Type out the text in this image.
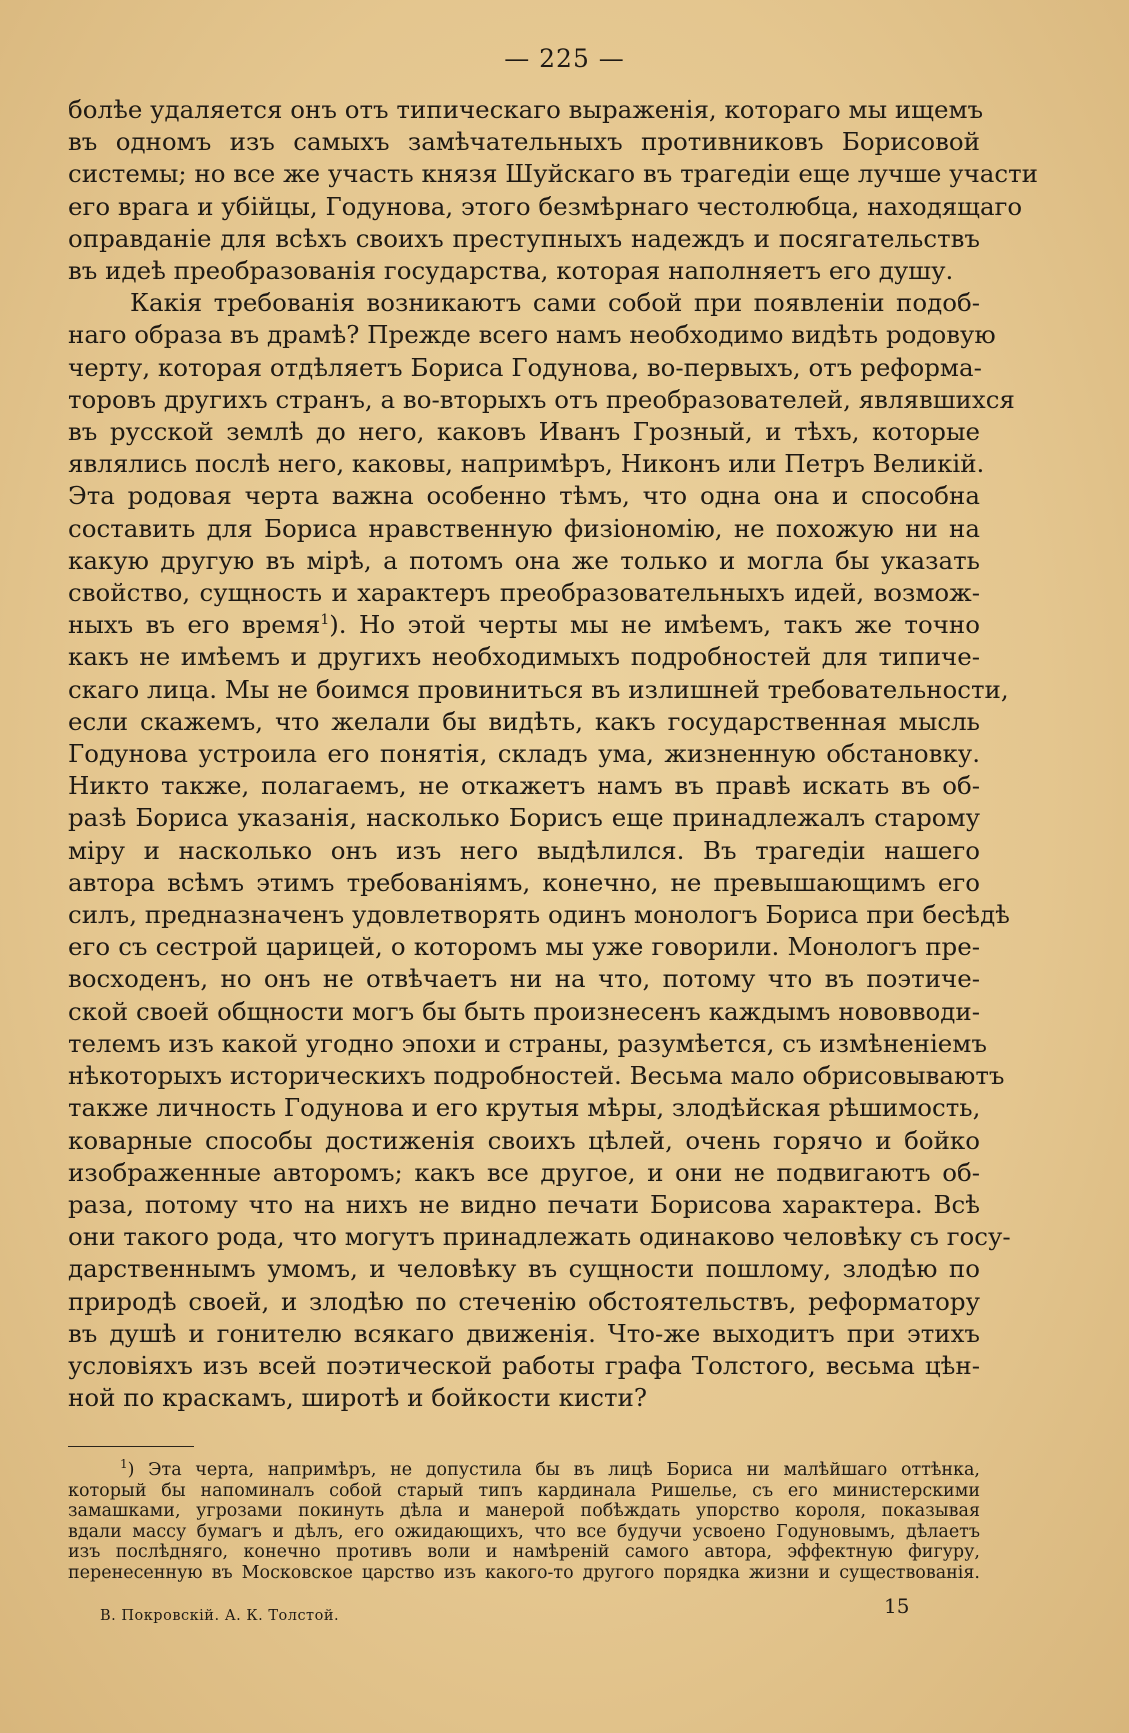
— 225 —
болѣе удаляется онъ отъ типическаго выраженія, котораго мы ищемъ
въ одномъ изъ самыхъ замѣчательныхъ противниковъ Борисовой
системы; но все же участь князя Шуйскаго въ трагедіи еще лучше участи
его врага и убійцы, Годунова, этого безмѣрнаго честолюбца, находящаго
оправданіе для всѣхъ своихъ преступныхъ надеждъ и посягательствъ
въ идеѣ преобразованія государства, которая наполняетъ его душу.
Какія требованія возникаютъ сами собой при появленіи подоб-
наго образа въ драмѣ? Прежде всего намъ необходимо видѣть родовую
черту, которая отдѣляетъ Бориса Годунова, во-первыхъ, отъ реформа-
торовъ другихъ странъ, а во-вторыхъ отъ преобразователей, являвшихся
въ русской землѣ до него, каковъ Иванъ Грозный, и тѣхъ, которые
являлись послѣ него, каковы, напримѣръ, Никонъ или Петръ Великій.
Эта родовая черта важна особенно тѣмъ, что одна она и способна
составить для Бориса нравственную физіономію, не похожую ни на
какую другую въ мірѣ, а потомъ она же только и могла бы указать
свойство, сущность и характеръ преобразовательныхъ идей, возмож-
ныхъ въ его время$^1$). Но этой черты мы не имѣемъ, такъ же точно
какъ не имѣемъ и другихъ необходимыхъ подробностей для типиче-
скаго лица. Мы не боимся провиниться въ излишней требовательности,
если скажемъ, что желали бы видѣть, какъ государственная мысль
Годунова устроила его понятія, складъ ума, жизненную обстановку.
Никто также, полагаемъ, не откажетъ намъ въ правѣ искать въ об-
разѣ Бориса указанія, насколько Борисъ еще принадлежалъ старому
міру и насколько онъ изъ него выдѣлился. Въ трагедіи нашего
автора всѣмъ этимъ требованіямъ, конечно, не превышающимъ его
силъ, предназначенъ удовлетворять одинъ монологъ Бориса при бесѣдѣ
его съ сестрой царицей, о которомъ мы уже говорили. Монологъ пре-
восходенъ, но онъ не отвѣчаетъ ни на что, потому что въ поэтиче-
ской своей общности могъ бы быть произнесенъ каждымъ нововводи-
телемъ изъ какой угодно эпохи и страны, разумѣется, съ измѣненіемъ
нѣкоторыхъ историческихъ подробностей. Весьма мало обрисовываютъ
также личность Годунова и его крутыя мѣры, злодѣйская рѣшимость,
коварные способы достиженія своихъ цѣлей, очень горячо и бойко
изображенные авторомъ; какъ все другое, и они не подвигаютъ об-
раза, потому что на нихъ не видно печати Борисова характера. Всѣ
они такого рода, что могутъ принадлежать одинаково человѣку съ госу-
дарственнымъ умомъ, и человѣку въ сущности пошлому, злодѣю по
природѣ своей, и злодѣю по стеченію обстоятельствъ, реформатору
въ душѣ и гонителю всякаго движенія. Что-же выходитъ при этихъ
условіяхъ изъ всей поэтической работы графа Толстого, весьма цѣн-
ной по краскамъ, широтѣ и бойкости кисти?
$^1$) Эта черта, напримѣръ, не допустила бы въ лицѣ Бориса ни малѣйшаго оттѣнка,
который бы напоминалъ собой старый типъ кардинала Ришелье, съ его министерскими
замашками, угрозами покинуть дѣла и манерой побѣждать упорство короля, показывая
вдали массу бумагъ и дѣлъ, его ожидающихъ, что все будучи усвоено Годуновымъ, дѣлаетъ
изъ послѣдняго, конечно противъ воли и намѣреній самого автора, эффектную фигуру,
перенесенную въ Московское царство изъ какого-то другого порядка жизни и существованія.
В. Покровскій. А. К. Толстой.	15
